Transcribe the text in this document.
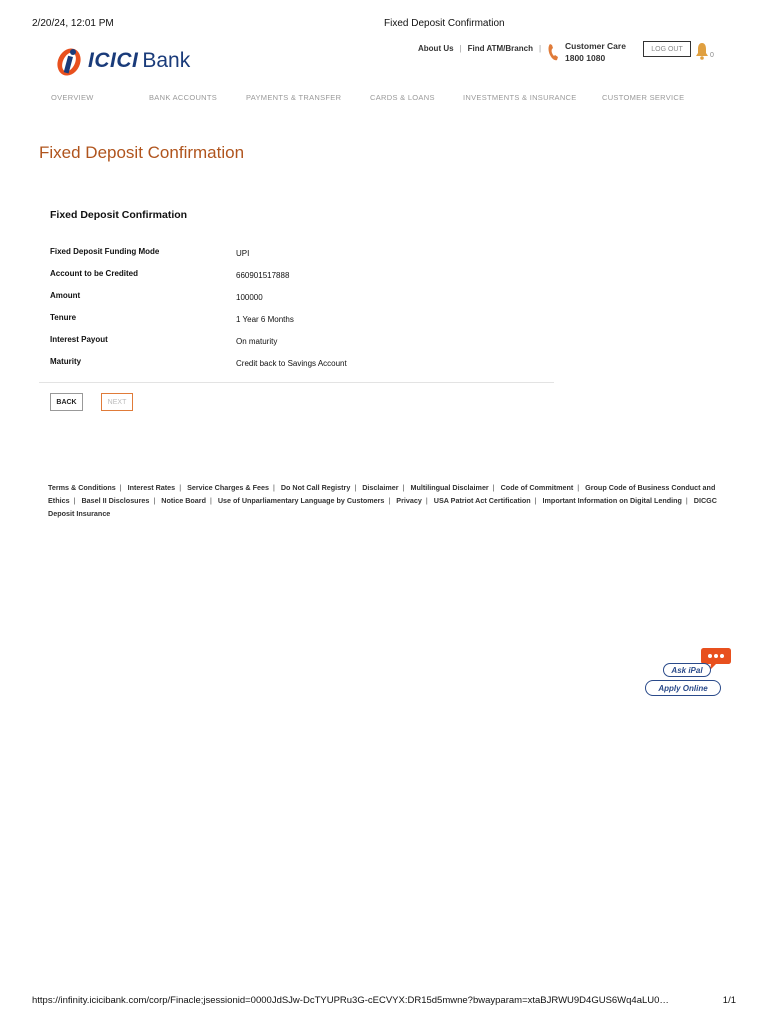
2/20/24, 12:01 PM	Fixed Deposit Confirmation
ICICI Bank
About Us | Find ATM/Branch |	Customer Care
1800 1080
LOG OUT
0
OVERVIEW	BANK ACCOUNTS	PAYMENTS & TRANSFER	CARDS & LOANS	INVESTMENTS & INSURANCE	CUSTOMER SERVICE
Fixed Deposit Confirmation
Fixed Deposit Confirmation
Fixed Deposit Funding Mode	UPI
Account to be Credited	660901517888
Amount	100000
Tenure	1 Year 6 Months
Interest Payout	On maturity
Maturity	Credit back to Savings Account
BACK	NEXT
Terms & Conditions | Interest Rates | Service Charges & Fees | Do Not Call Registry | Disclaimer | Multilingual Disclaimer | Code of Commitment | Group Code of Business Conduct and Ethics | Basel II Disclosures | Notice Board | Use of Unparliamentary Language by Customers | Privacy | USA Patriot Act Certification | Important Information on Digital Lending | DICGC Deposit Insurance
Ask iPal
Apply Online
https://infinity.icicibank.com/corp/Finacle;jsessionid=0000JdSJw-DcTYUPRu3G-cECVYX:DR15d5mwne?bwayparam=xtaBJRWU9D4GUS6Wq4aLU0…	1/1
